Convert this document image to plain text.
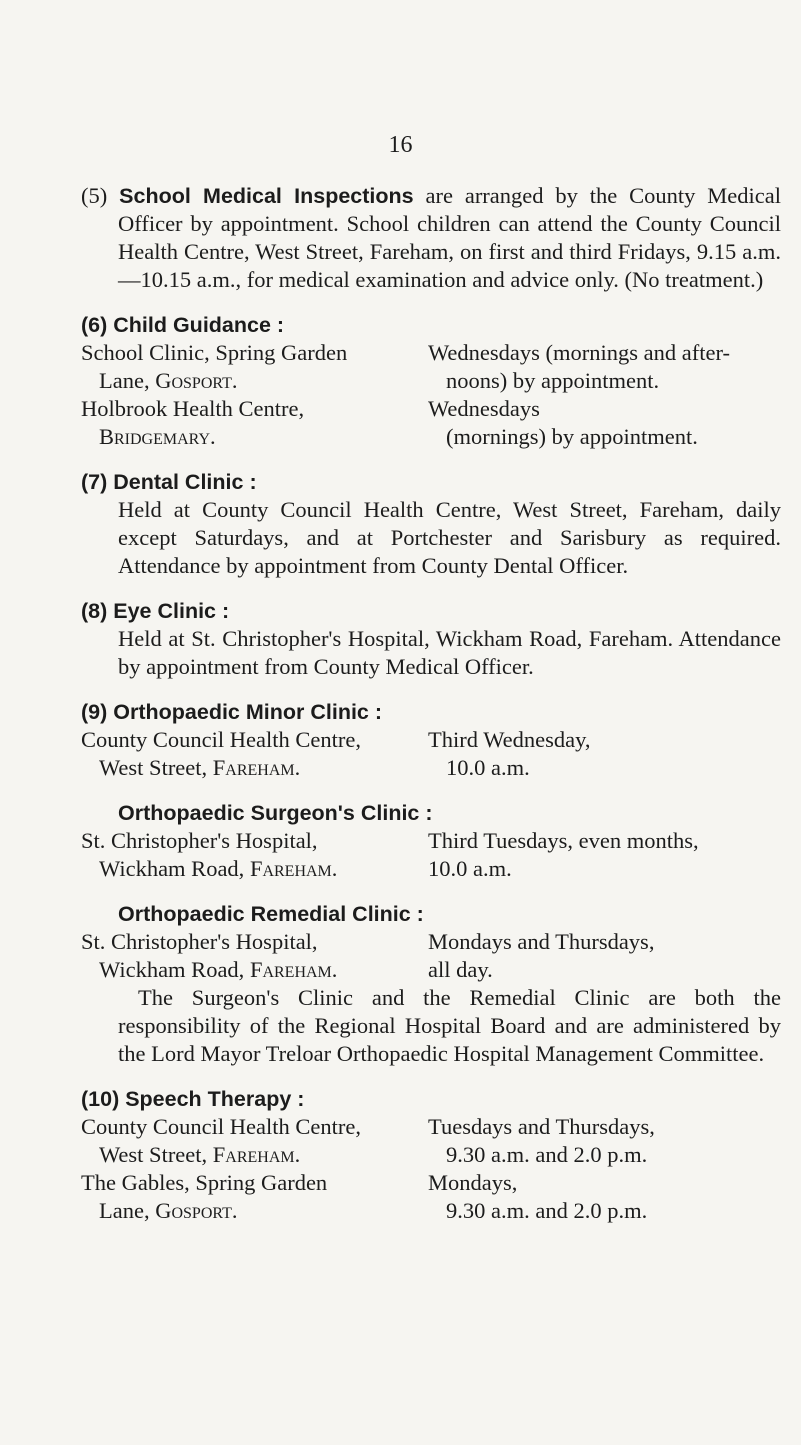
16
(5) School Medical Inspections are arranged by the County Medical Officer by appointment. School children can attend the County Council Health Centre, West Street, Fareham, on first and third Fridays, 9.15 a.m.—10.15 a.m., for medical examination and advice only. (No treatment.)
(6) Child Guidance :
School Clinic, Spring Garden
Lane, Gosport.
Wednesdays (mornings and after-
noons) by appointment.
Holbrook Health Centre,
Bridgemary.
Wednesdays
(mornings) by appointment.
(7) Dental Clinic :
Held at County Council Health Centre, West Street, Fareham, daily except Saturdays, and at Portchester and Sarisbury as required. Attendance by appointment from County Dental Officer.
(8) Eye Clinic :
Held at St. Christopher's Hospital, Wickham Road, Fareham. Attendance by appointment from County Medical Officer.
(9) Orthopaedic Minor Clinic :
County Council Health Centre,
West Street, Fareham.
Third Wednesday,
10.0 a.m.
Orthopaedic Surgeon's Clinic :
St. Christopher's Hospital,
Wickham Road, Fareham.
Third Tuesdays, even months,
10.0 a.m.
Orthopaedic Remedial Clinic :
St. Christopher's Hospital,
Wickham Road, Fareham.
Mondays and Thursdays,
all day.
The Surgeon's Clinic and the Remedial Clinic are both the responsibility of the Regional Hospital Board and are administered by the Lord Mayor Treloar Orthopaedic Hospital Management Committee.
(10) Speech Therapy :
County Council Health Centre,
West Street, Fareham.
Tuesdays and Thursdays,
9.30 a.m. and 2.0 p.m.
The Gables, Spring Garden
Lane, Gosport.
Mondays,
9.30 a.m. and 2.0 p.m.
